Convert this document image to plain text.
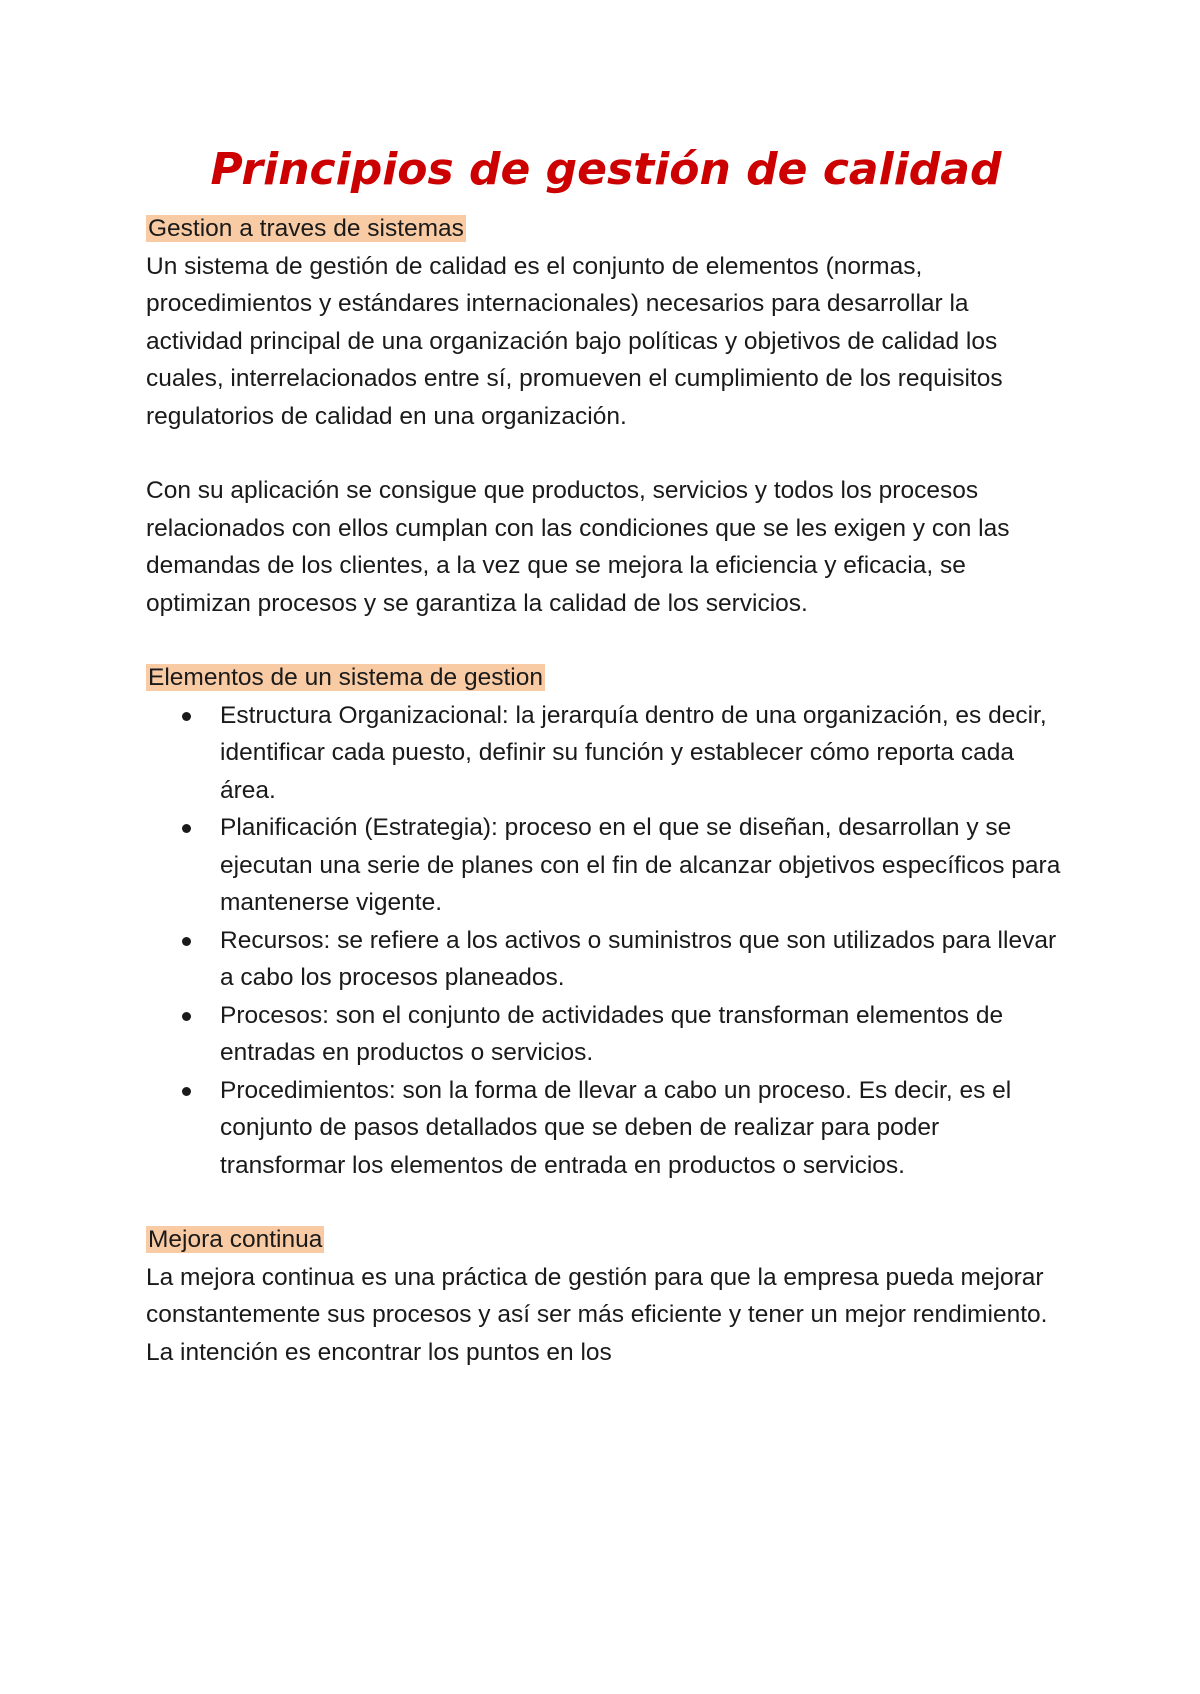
Principios de gestión de calidad
Gestion a traves de sistemas

Un sistema de gestión de calidad es el conjunto de elementos (normas, procedimientos y estándares internacionales) necesarios para desarrollar la actividad principal de una organización bajo políticas y objetivos de calidad los cuales, interrelacionados entre sí, promueven el cumplimiento de los requisitos regulatorios de calidad en una organización.

Con su aplicación se consigue que productos, servicios y todos los procesos relacionados con ellos cumplan con las condiciones que se les exigen y con las demandas de los clientes, a la vez que se mejora la eficiencia y eficacia, se optimizan procesos y se garantiza la calidad de los servicios.

Elementos de un sistema de gestion
Estructura Organizacional: la jerarquía dentro de una organización, es decir, identificar cada puesto, definir su función y establecer cómo reporta cada área.
Planificación (Estrategia): proceso en el que se diseñan, desarrollan y se ejecutan una serie de planes con el fin de alcanzar objetivos específicos para mantenerse vigente.
Recursos: se refiere a los activos o suministros que son utilizados para llevar a cabo los procesos planeados.
Procesos: son el conjunto de actividades que transforman elementos de entradas en productos o servicios.
Procedimientos: son la forma de llevar a cabo un proceso. Es decir, es el conjunto de pasos detallados que se deben de realizar para poder transformar los elementos de entrada en productos o servicios.
Mejora continua

La mejora continua es una práctica de gestión para que la empresa pueda mejorar constantemente sus procesos y así ser más eficiente y tener un mejor rendimiento. La intención es encontrar los puntos en los
